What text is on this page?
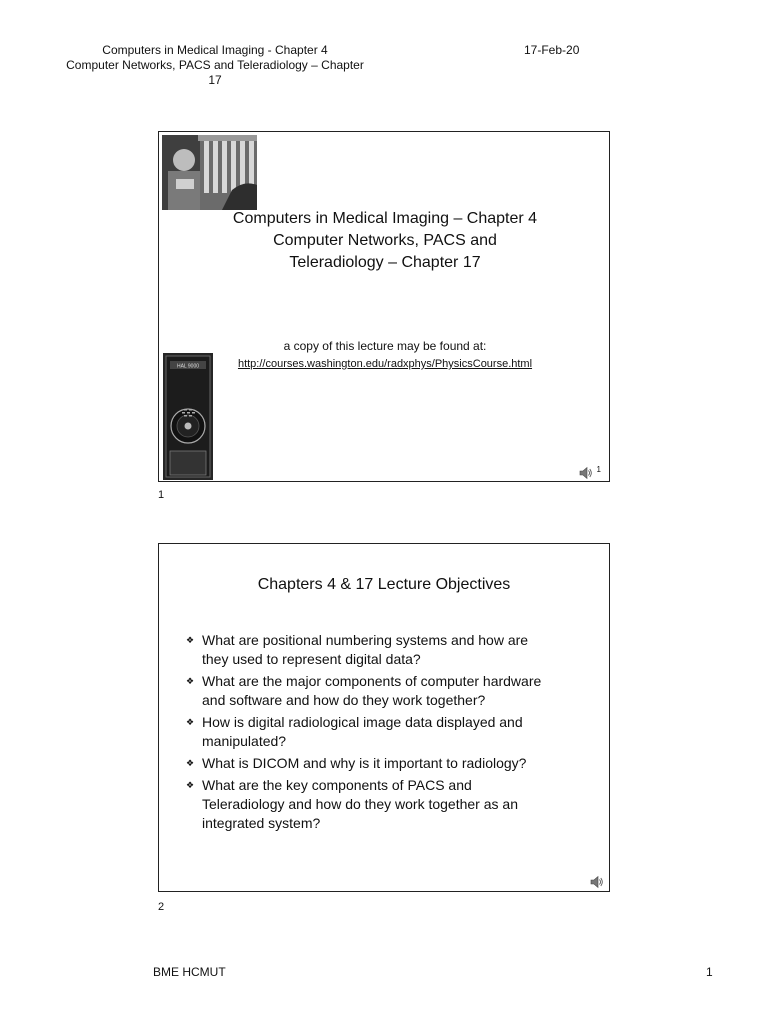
Computers in Medical Imaging - Chapter 4
Computer Networks, PACS and Teleradiology – Chapter
17
17-Feb-20
Computers in Medical Imaging – Chapter 4
Computer Networks, PACS and
Teleradiology – Chapter 17
a copy of this lecture may be found at:
http://courses.washington.edu/radxphys/PhysicsCourse.html
HAL 9000
1
1
Chapters 4 & 17 Lecture Objectives
❖ What are positional numbering systems and how are
they used to represent digital data?
❖ What are the major components of computer hardware
and software and how do they work together?
❖ How is digital radiological image data displayed and
manipulated?
❖ What is DICOM and why is it important to radiology?
❖ What are the key components of PACS and
Teleradiology and how do they work together as an
integrated system?
2
BME HCMUT	1
